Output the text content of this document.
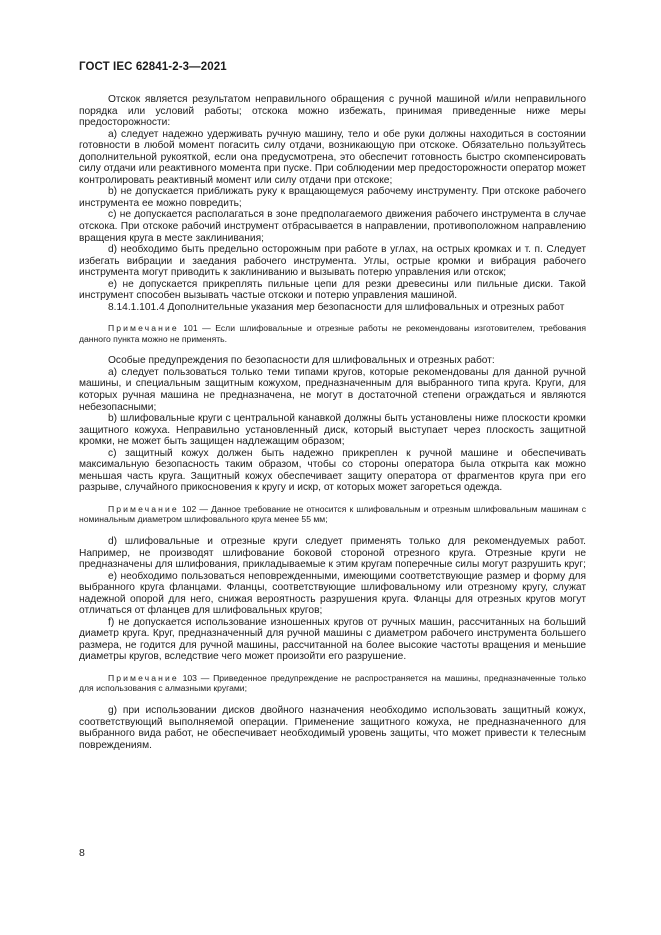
ГОСТ IEC 62841-2-3—2021

Отскок является результатом неправильного обращения с ручной машиной и/или неправильного порядка или условий работы; отскока можно избежать, принимая приведенные ниже меры предосторожности:

a) следует надежно удерживать ручную машину, тело и обе руки должны находиться в состоянии готовности в любой момент погасить силу отдачи, возникающую при отскоке. Обязательно пользуйтесь дополнительной рукояткой, если она предусмотрена, это обеспечит готовность быстро скомпенсировать силу отдачи или реактивного момента при пуске. При соблюдении мер предосторожности оператор может контролировать реактивный момент или силу отдачи при отскоке;

b) не допускается приближать руку к вращающемуся рабочему инструменту. При отскоке рабочего инструмента ее можно повредить;

c) не допускается располагаться в зоне предполагаемого движения рабочего инструмента в случае отскока. При отскоке рабочий инструмент отбрасывается в направлении, противоположном направлению вращения круга в месте заклинивания;

d) необходимо быть предельно осторожным при работе в углах, на острых кромках и т. п. Следует избегать вибрации и заедания рабочего инструмента. Углы, острые кромки и вибрация рабочего инструмента могут приводить к заклиниванию и вызывать потерю управления или отскок;

e) не допускается прикреплять пильные цепи для резки древесины или пильные диски. Такой инструмент способен вызывать частые отскоки и потерю управления машиной.

8.14.1.101.4 Дополнительные указания мер безопасности для шлифовальных и отрезных работ

Примечание 101 — Если шлифовальные и отрезные работы не рекомендованы изготовителем, требования данного пункта можно не применять.

Особые предупреждения по безопасности для шлифовальных и отрезных работ:

a) следует пользоваться только теми типами кругов, которые рекомендованы для данной ручной машины, и специальным защитным кожухом, предназначенным для выбранного типа круга. Круги, для которых ручная машина не предназначена, не могут в достаточной степени ограждаться и являются небезопасными;

b) шлифовальные круги с центральной канавкой должны быть установлены ниже плоскости кромки защитного кожуха. Неправильно установленный диск, который выступает через плоскость защитной кромки, не может быть защищен надлежащим образом;

c) защитный кожух должен быть надежно прикреплен к ручной машине и обеспечивать максимальную безопасность таким образом, чтобы со стороны оператора была открыта как можно меньшая часть круга. Защитный кожух обеспечивает защиту оператора от фрагментов круга при его разрыве, случайного прикосновения к кругу и искр, от которых может загореться одежда.

Примечание 102 — Данное требование не относится к шлифовальным и отрезным шлифовальным машинам с номинальным диаметром шлифовального круга менее 55 мм;

d) шлифовальные и отрезные круги следует применять только для рекомендуемых работ. Например, не производят шлифование боковой стороной отрезного круга. Отрезные круги не предназначены для шлифования, прикладываемые к этим кругам поперечные силы могут разрушить круг;

e) необходимо пользоваться неповрежденными, имеющими соответствующие размер и форму для выбранного круга фланцами. Фланцы, соответствующие шлифовальному или отрезному кругу, служат надежной опорой для него, снижая вероятность разрушения круга. Фланцы для отрезных кругов могут отличаться от фланцев для шлифовальных кругов;

f) не допускается использование изношенных кругов от ручных машин, рассчитанных на больший диаметр круга. Круг, предназначенный для ручной машины с диаметром рабочего инструмента большего размера, не годится для ручной машины, рассчитанной на более высокие частоты вращения и меньшие диаметры кругов, вследствие чего может произойти его разрушение.

Примечание 103 — Приведенное предупреждение не распространяется на машины, предназначенные только для использования с алмазными кругами;

g) при использовании дисков двойного назначения необходимо использовать защитный кожух, соответствующий выполняемой операции. Применение защитного кожуха, не предназначенного для выбранного вида работ, не обеспечивает необходимый уровень защиты, что может привести к телесным повреждениям.

8
